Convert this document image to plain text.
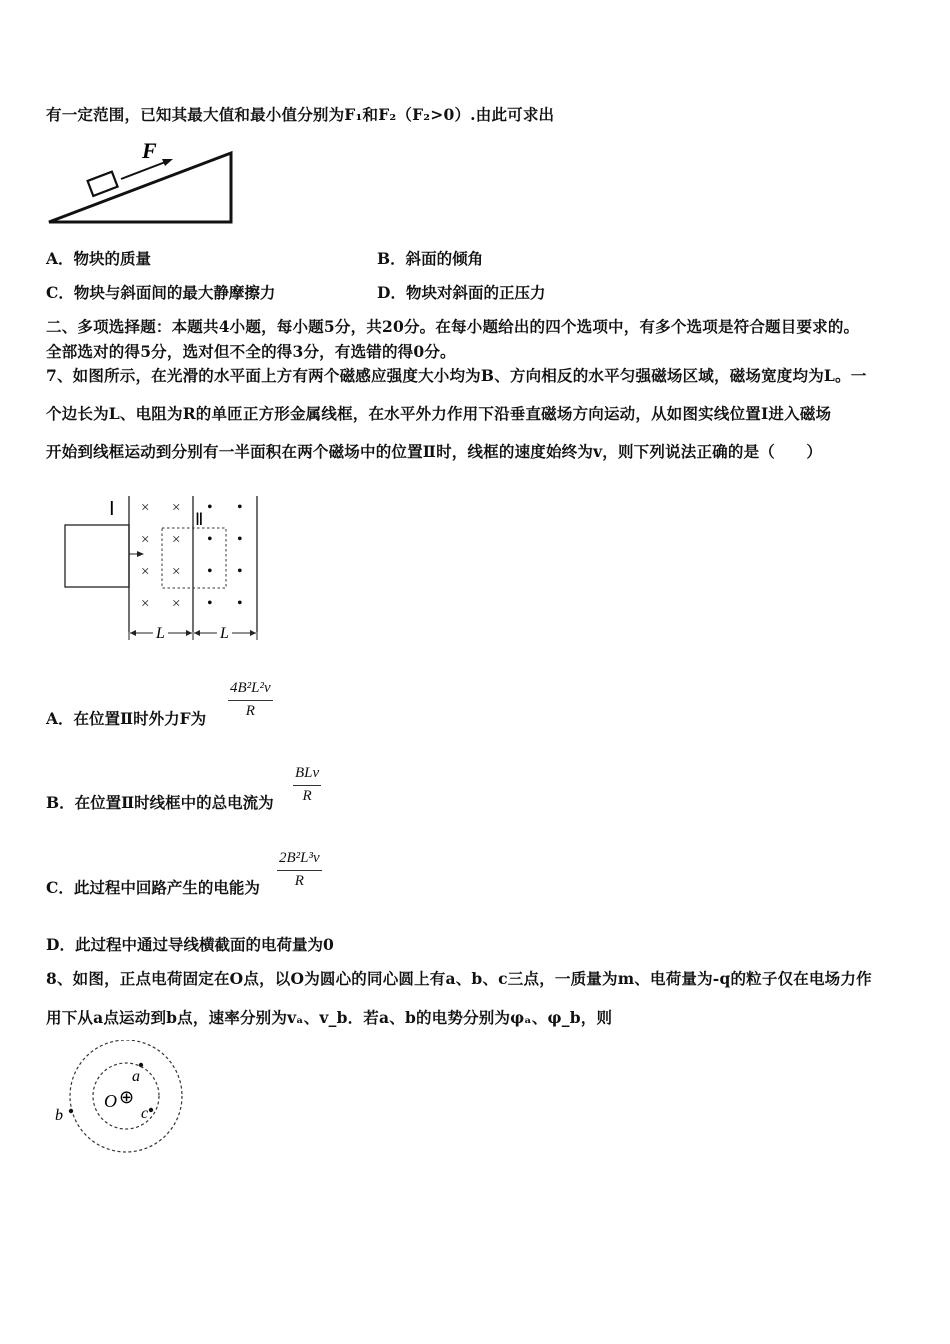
有一定范围，已知其最大值和最小值分别为F₁和F₂（F₂>0）.由此可求出
F
A．物块的质量	B．斜面的倾角
C．物块与斜面间的最大静摩擦力	D．物块对斜面的正压力
二、多项选择题：本题共4小题，每小题5分，共20分。在每小题给出的四个选项中，有多个选项是符合题目要求的。
全部选对的得5分，选对但不全的得3分，有选错的得0分。
7、如图所示，在光滑的水平面上方有两个磁感应强度大小均为B、方向相反的水平匀强磁场区域，磁场宽度均为L。一
个边长为L、电阻为R的单匝正方形金属线框，在水平外力作用下沿垂直磁场方向运动，从如图实线位置Ⅰ进入磁场
开始到线框运动到分别有一半面积在两个磁场中的位置Ⅱ时，线框的速度始终为v，则下列说法正确的是（　　）
Ⅰ	Ⅱ
× ×
× ×
× ×
× ×
• •
• •
• •
• •
L	L
A．在位置Ⅱ时外力F为
4B²L²v
R
B．在位置Ⅱ时线框中的总电流为
BLv
R
C．此过程中回路产生的电能为
2B²L³v
R
D．此过程中通过导线横截面的电荷量为0
8、如图，正点电荷固定在O点，以O为圆心的同心圆上有a、b、c三点，一质量为m、电荷量为-q的粒子仅在电场力作
用下从a点运动到b点，速率分别为vₐ、v_b．若a、b的电势分别为φₐ、φ_b，则
O ⊕
a
b	c
